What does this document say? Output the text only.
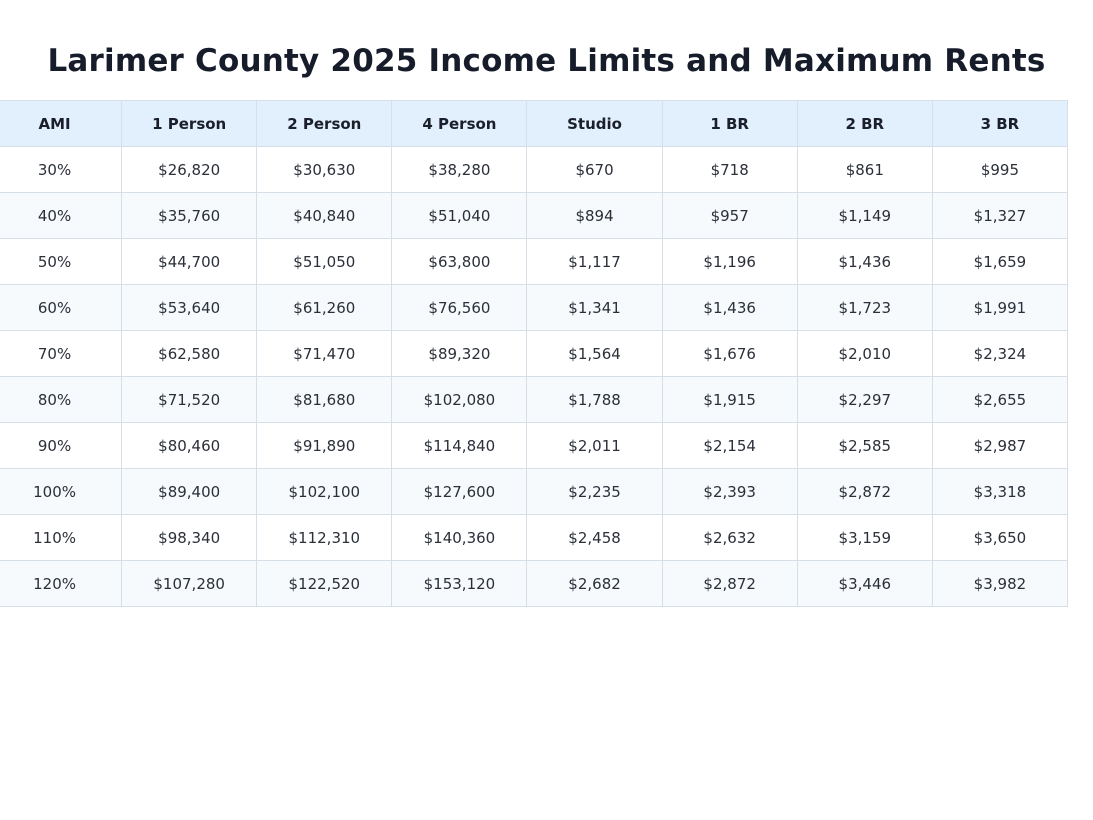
Larimer County 2025 Income Limits and Maximum Rents
AMI	1 Person	2 Person	4 Person	Studio	1 BR	2 BR	3 BR
30%	$26,820	$30,630	$38,280	$670	$718	$861	$995
40%	$35,760	$40,840	$51,040	$894	$957	$1,149	$1,327
50%	$44,700	$51,050	$63,800	$1,117	$1,196	$1,436	$1,659
60%	$53,640	$61,260	$76,560	$1,341	$1,436	$1,723	$1,991
70%	$62,580	$71,470	$89,320	$1,564	$1,676	$2,010	$2,324
80%	$71,520	$81,680	$102,080	$1,788	$1,915	$2,297	$2,655
90%	$80,460	$91,890	$114,840	$2,011	$2,154	$2,585	$2,987
100%	$89,400	$102,100	$127,600	$2,235	$2,393	$2,872	$3,318
110%	$98,340	$112,310	$140,360	$2,458	$2,632	$3,159	$3,650
120%	$107,280	$122,520	$153,120	$2,682	$2,872	$3,446	$3,982
